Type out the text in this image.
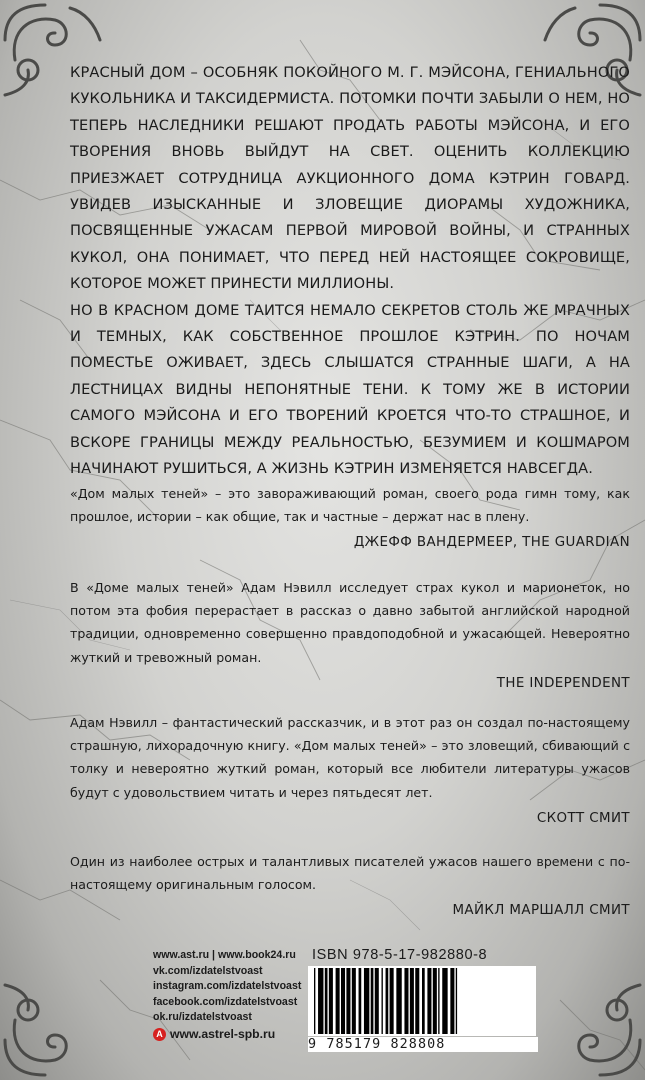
КРАСНЫЙ ДОМ – ОСОБНЯК ПОКОЙНОГО М. Г. МЭЙСОНА, ГЕНИАЛЬНОГО КУКОЛЬНИКА И ТАКСИДЕРМИСТА. ПОТОМКИ ПОЧТИ ЗАБЫЛИ О НЕМ, НО ТЕПЕРЬ НАСЛЕДНИКИ РЕШАЮТ ПРОДАТЬ РАБОТЫ МЭЙСОНА, И ЕГО ТВОРЕНИЯ ВНОВЬ ВЫЙДУТ НА СВЕТ. ОЦЕНИТЬ КОЛЛЕКЦИЮ ПРИЕЗЖАЕТ СОТРУДНИЦА АУКЦИОННОГО ДОМА КЭТРИН ГОВАРД. УВИДЕВ ИЗЫСКАННЫЕ И ЗЛОВЕЩИЕ ДИОРАМЫ ХУДОЖНИКА, ПОСВЯЩЕННЫЕ УЖАСАМ ПЕРВОЙ МИРОВОЙ ВОЙНЫ, И СТРАННЫХ КУКОЛ, ОНА ПОНИМАЕТ, ЧТО ПЕРЕД НЕЙ НАСТОЯЩЕЕ СОКРОВИЩЕ, КОТОРОЕ МОЖЕТ ПРИНЕСТИ МИЛЛИОНЫ.

НО В КРАСНОМ ДОМЕ ТАИТСЯ НЕМАЛО СЕКРЕТОВ СТОЛЬ ЖЕ МРАЧНЫХ И ТЕМНЫХ, КАК СОБСТВЕННОЕ ПРОШЛОЕ КЭТРИН. ПО НОЧАМ ПОМЕСТЬЕ ОЖИВАЕТ, ЗДЕСЬ СЛЫШАТСЯ СТРАННЫЕ ШАГИ, А НА ЛЕСТНИЦАХ ВИДНЫ НЕПОНЯТНЫЕ ТЕНИ. К ТОМУ ЖЕ В ИСТОРИИ САМОГО МЭЙСОНА И ЕГО ТВОРЕНИЙ КРОЕТСЯ ЧТО-ТО СТРАШНОЕ, И ВСКОРЕ ГРАНИЦЫ МЕЖДУ РЕАЛЬНОСТЬЮ, БЕЗУМИЕМ И КОШМАРОМ НАЧИНАЮТ РУШИТЬСЯ, А ЖИЗНЬ КЭТРИН ИЗМЕНЯЕТСЯ НАВСЕГДА.

«Дом малых теней» – это завораживающий роман, своего рода гимн тому, как прошлое, истории – как общие, так и частные – держат нас в плену.

ДЖЕФФ ВАНДЕРМЕЕР, THE GUARDIAN

В «Доме малых теней» Адам Нэвилл исследует страх кукол и марионеток, но потом эта фобия перерастает в рассказ о давно забытой английской народной традиции, одновременно совершенно правдоподобной и ужасающей. Невероятно жуткий и тревожный роман.

THE INDEPENDENT

Адам Нэвилл – фантастический рассказчик, и в этот раз он создал по-настоящему страшную, лихорадочную книгу. «Дом малых теней» – это зловещий, сбивающий с толку и невероятно жуткий роман, который все любители литературы ужасов будут с удовольствием читать и через пятьдесят лет.

СКОТТ СМИТ

Один из наиболее острых и талантливых писателей ужасов нашего времени с по-настоящему оригинальным голосом.

МАЙКЛ МАРШАЛЛ СМИТ
www.ast.ru | www.book24.ru
vk.com/izdatelstvoast
instagram.com/izdatelstvoast
facebook.com/izdatelstvoast
ok.ru/izdatelstvoast
А www.astrel-spb.ru
ISBN 978-5-17-982880-8
9 785179 828808
